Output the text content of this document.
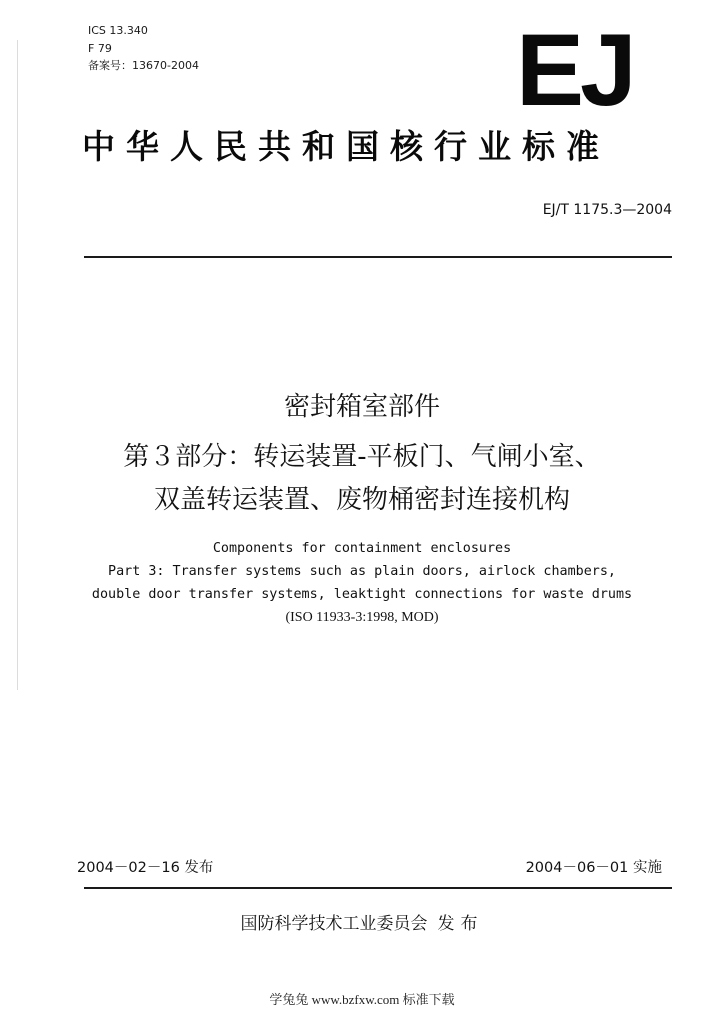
ICS 13.340
F 79
备案号：13670-2004	EJ
中华人民共和国核行业标准
EJ/T 1175.3—2004
密封箱室部件
第３部分：转运装置-平板门、气闸小室、
双盖转运装置、废物桶密封连接机构
Components for containment enclosures
Part 3: Transfer systems such as plain doors, airlock chambers,
double door transfer systems, leaktight connections for waste drums
(ISO 11933-3:1998, MOD)
2004－02－16 发布	2004－06－01 实施
国防科学技术工业委员会 发布
学兔兔 www.bzfxw.com 标准下载
